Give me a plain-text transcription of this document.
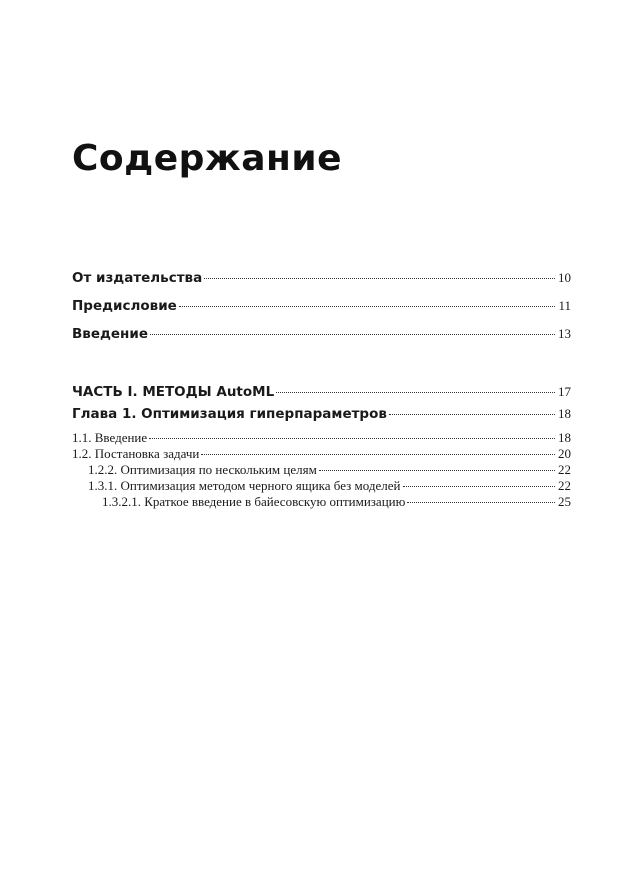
Содержание
От издательства	10
Предисловие	11
Введение	13
ЧАСТЬ I. МЕТОДЫ AutoML	17
Глава 1. Оптимизация гиперпараметров	18
1.1. Введение	18
1.2. Постановка задачи	20
1.2.2. Оптимизация по нескольким целям	22
1.3.1. Оптимизация методом черного ящика без моделей	22
1.3.2.1. Краткое введение в байесовскую оптимизацию	25
